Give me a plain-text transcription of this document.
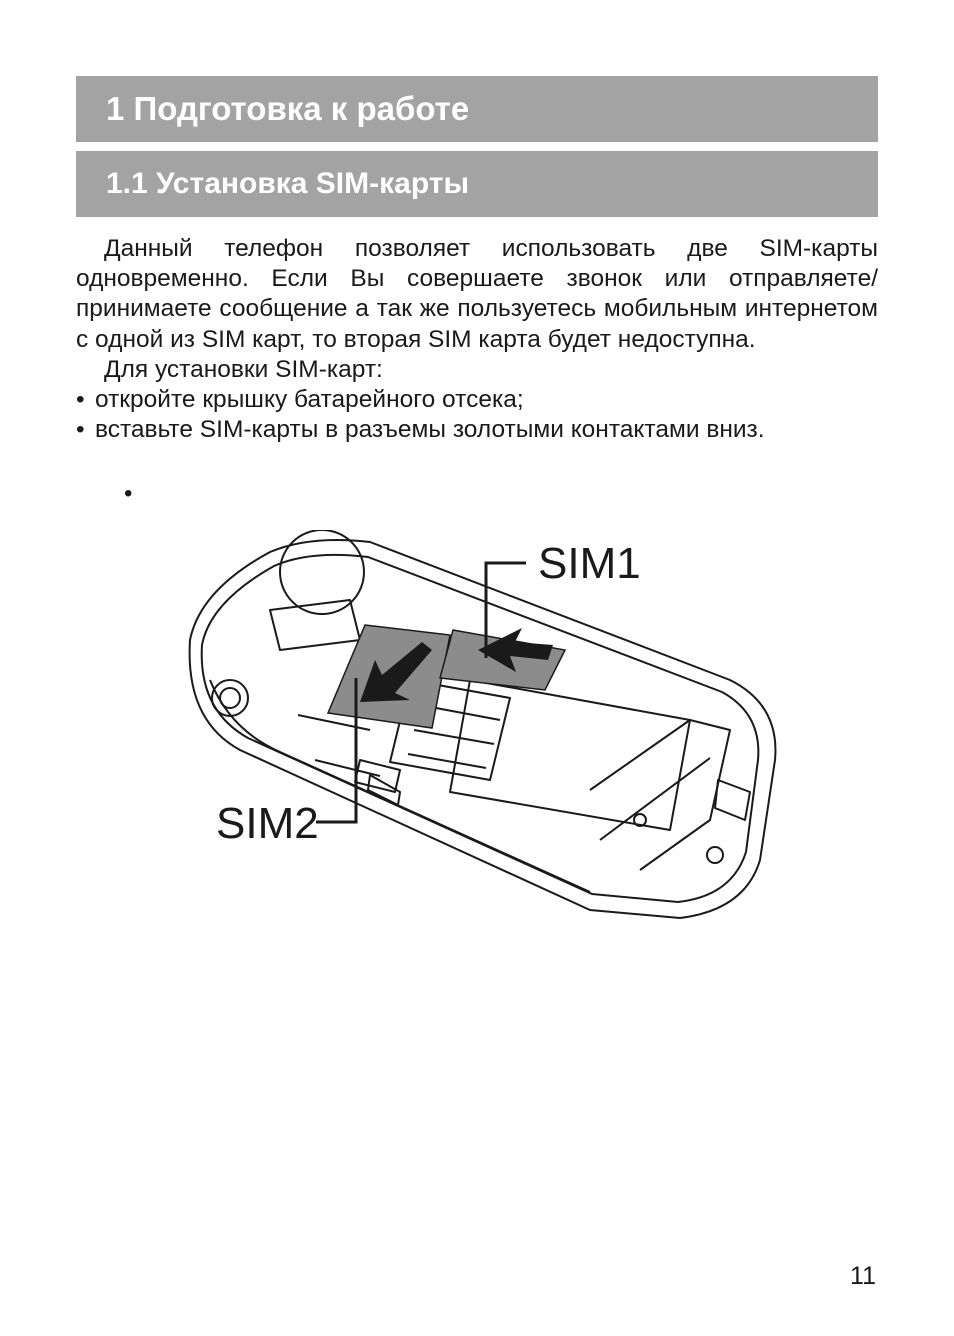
1 Подготовка к работе
1.1 Установка SIM-карты

Данный телефон позволяет использовать две SIM-карты одновременно. Если Вы совершаете звонок или отправляете/ принимаете сообщение а так же пользуетесь мобильным интернетом с одной из SIM карт, то вторая SIM карта будет недоступна.

Для установки SIM-карт:

• откройте крышку батарейного отсека;
• вставьте SIM-карты в разъемы золотыми контактами вниз.
•
SIM1
SIM2
11
